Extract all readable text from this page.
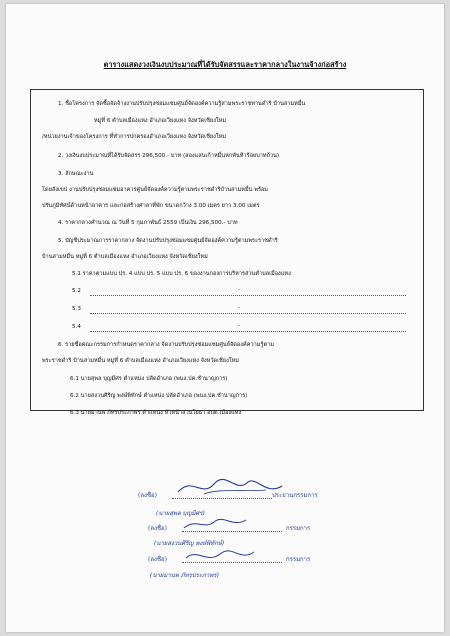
ตารางแสดงวงเงินงบประมาณที่ได้รับจัดสรรและราคากลางในงานจ้างก่อสร้าง
1. ชื่อโครงการ จัดซื้อจัดจ้างงานปรับปรุงซ่อมแซมศูนย์จัดองค์ความรู้สามพระราชทานดำริ บ้านสามหมื่น
หมู่ที่ 6 ตำบลเมืองแหง อำเภอเวียงแหง จังหวัดเชียงใหม่
/หน่วยงานเจ้าของโครงการ ที่ทำการปกครองอำเภอเวียงแหง จังหวัดเชียงใหม่
2. วงเงินงบประมาณที่ได้รับจัดสรร 296,500.- บาท (สองแสนเก้าหมื่นหกพันห้าร้อยบาทถ้วน)
3. ลักษณะงาน
โดยสังเขป งานปรับปรุงซ่อมแซมอาคารศูนย์จัดองค์ความรู้ตามพระราชดำริบ้านสามหมื่น พร้อม
ปรับภูมิทัศน์ด้านหน้าอาคาร และก่อสร้างศาลาที่พัก ขนาดกว้าง 3.00 เมตร ยาว 3.00 เมตร
4. ราคากลางคำนวณ ณ วันที่ 5 กุมภาพันธ์ 2559 เป็นเงิน 296,500.- บาท
5. บัญชีประมาณการราคากลาง จัดงานปรับปรุงซ่อมแซมศูนย์จัดองค์ความรู้ตามพระราชดำริ
บ้านสามหมื่น หมู่ที่ 6 ตำบลเมืองแหง อำเภอเวียงแหง จังหวัดเชียงใหม่
5.1 ราคาตามแบบ ปร. 4 แบบ ปร. 5 แบบ ปร. 6 ของงานกองการบริหารส่วนตำบลเมืองแหง
5.2	-
5.3	-
5.4	-
6. รายชื่อคณะกรรมการกำหนดราคากลาง จัดงานปรับปรุงซ่อมแซมศูนย์จัดองค์ความรู้ตาม
พระราชดำริ บ้านสามหมื่น หมู่ที่ 6 ตำบลเมืองแหง อำเภอเวียงแหง จังหวัดเชียงใหม่
6.1 นายสุพล บุญมีศร ตำแหน่ง ปลัดอำเภอ (พนง.ปค.ชำนาญการ)
6.2 นายสงวนศิริญ พงษ์พิทักษ์ ตำแหน่ง ปลัดอำเภอ (พนง.ปค.ชำนาญการ)
6.3 นายมานพ ภัทรประภาพร ตำแหน่ง หัวหน้าส่วนโยธา อบต.เมืองแหง
(ลงชื่อ)	ประธานกรรมการ
(นายสุพล บุญมีศร)
(ลงชื่อ)	กรรมการ
(นายสงวนศิริญ พงษ์พิทักษ์)
(ลงชื่อ)	กรรมการ
(นายมานพ ภัทรประภาพร)
